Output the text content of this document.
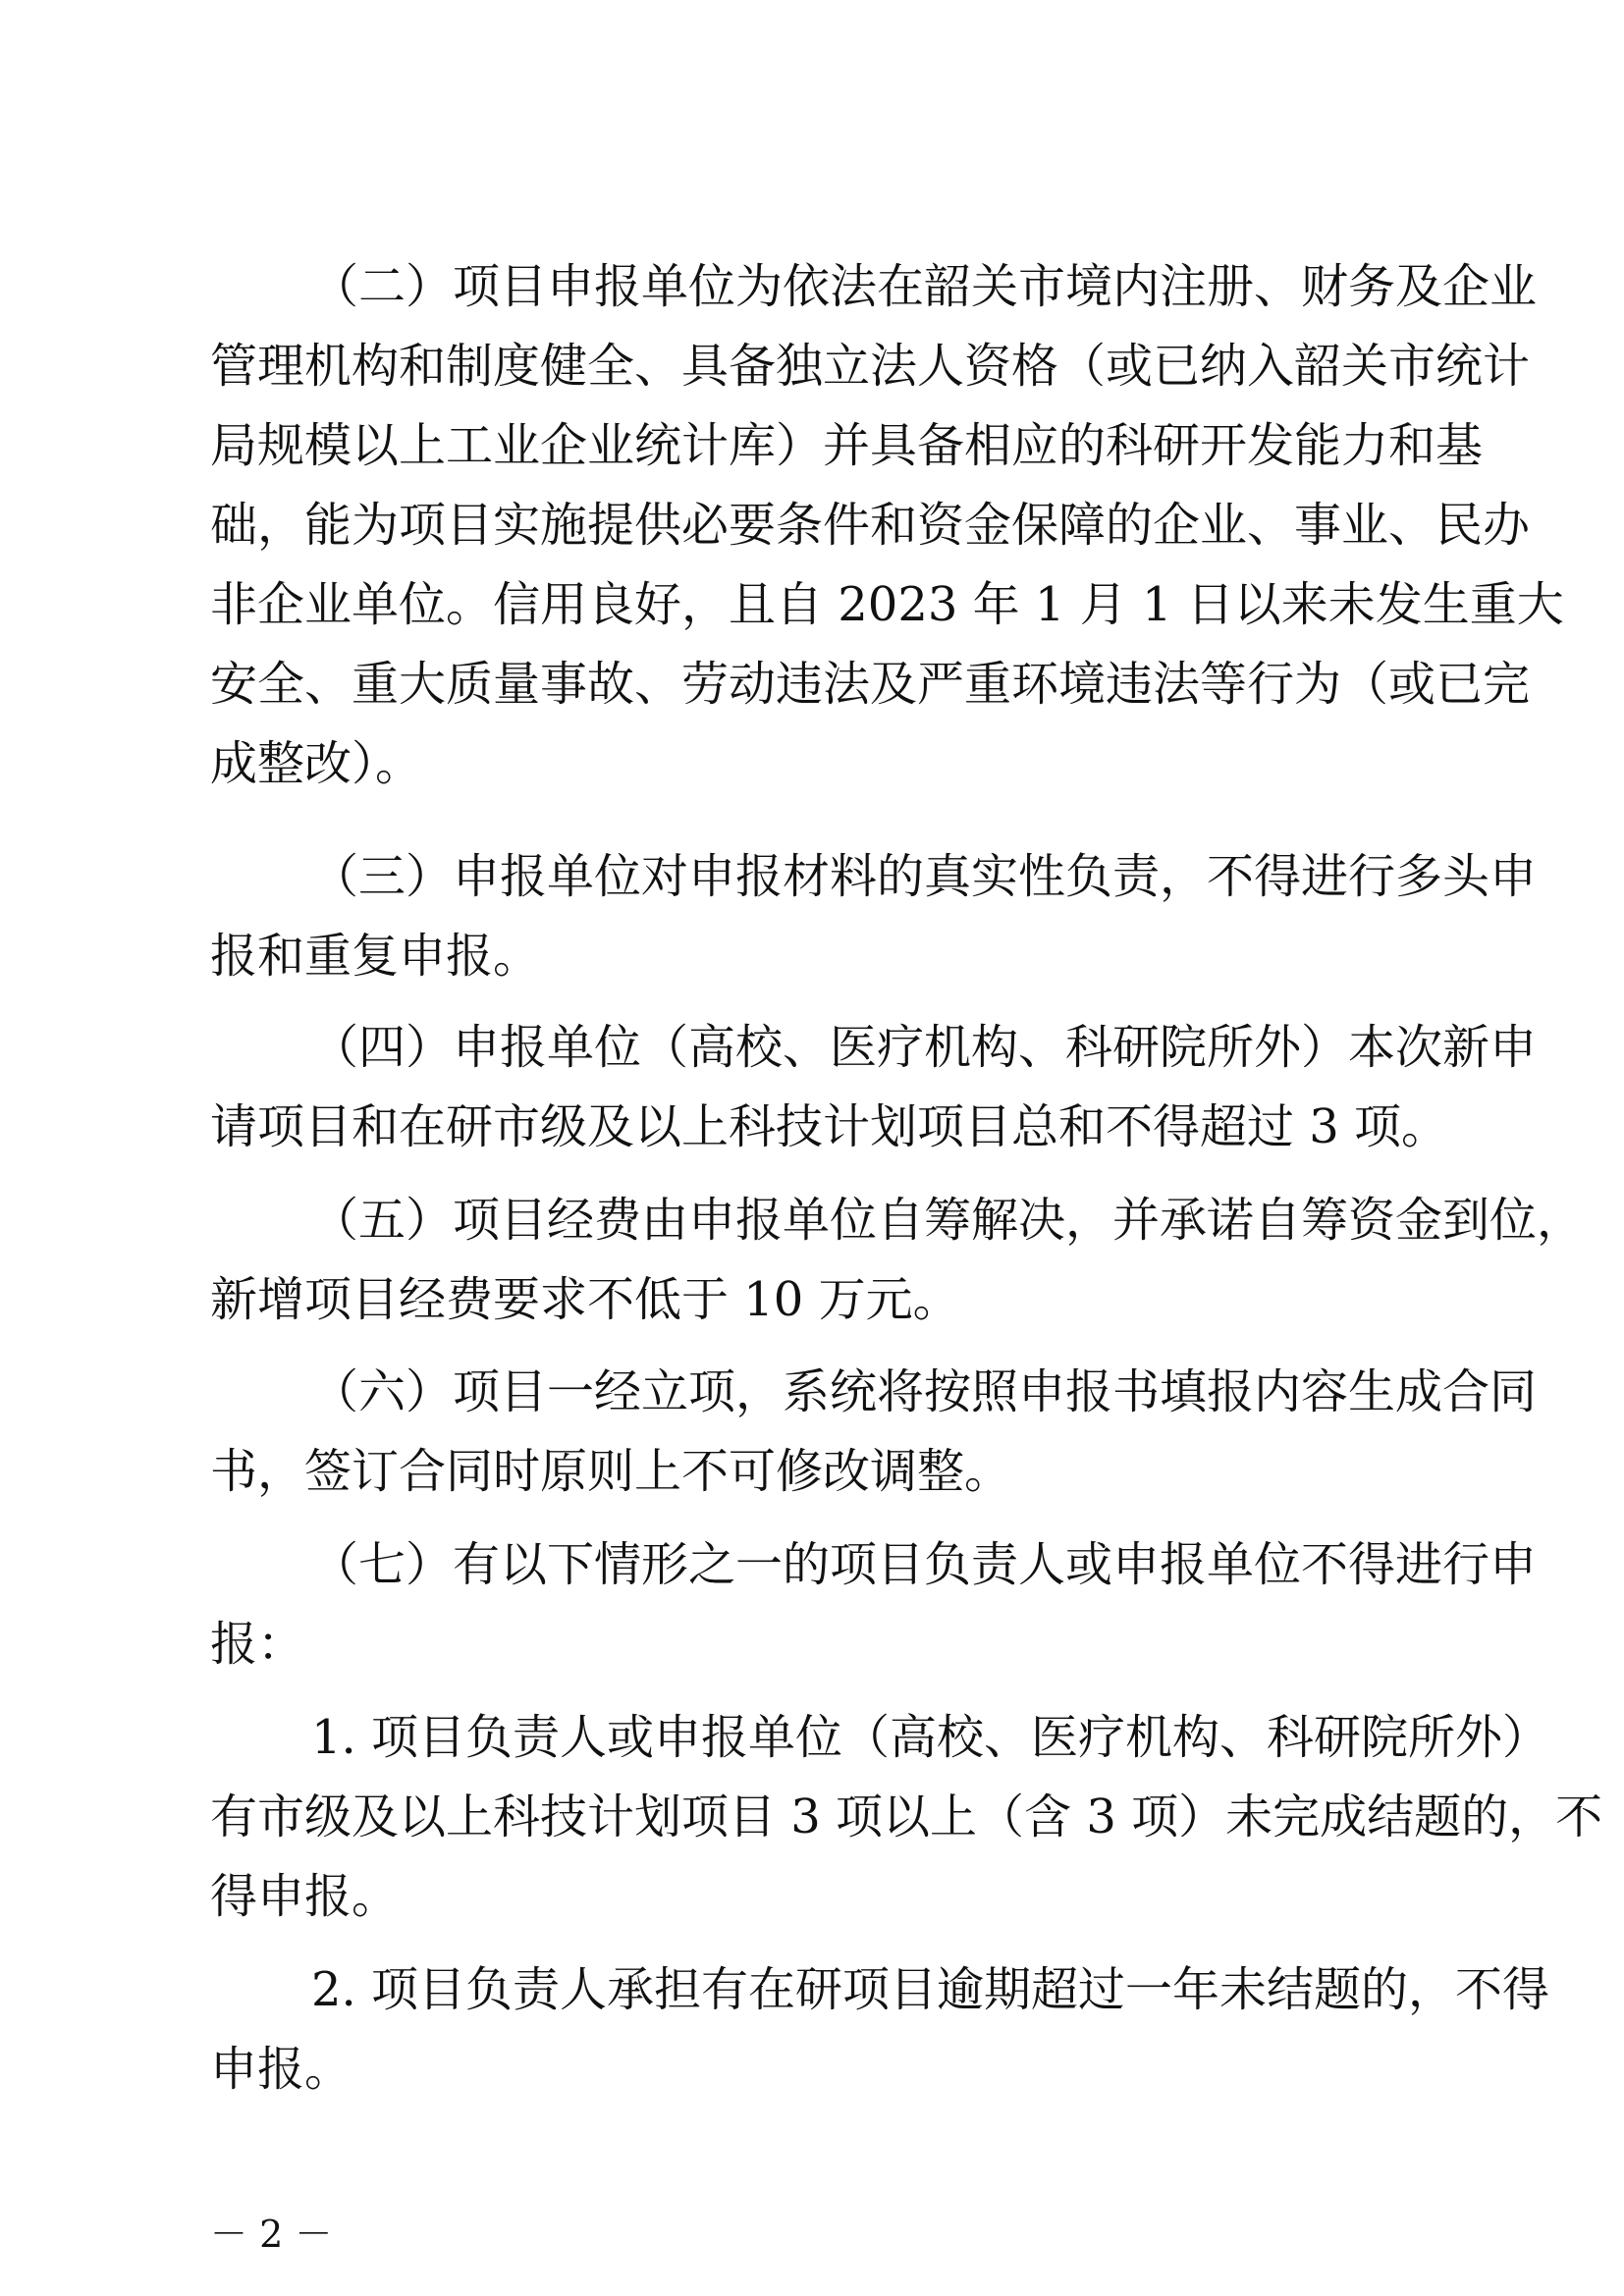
（二）项目申报单位为依法在韶关市境内注册、财务及企业
管理机构和制度健全、具备独立法人资格（或已纳入韶关市统计
局规模以上工业企业统计库）并具备相应的科研开发能力和基
础，能为项目实施提供必要条件和资金保障的企业、事业、民办
非企业单位。信用良好，且自 2023 年 1 月 1 日以来未发生重大
安全、重大质量事故、劳动违法及严重环境违法等行为（或已完
成整改）。
（三）申报单位对申报材料的真实性负责，不得进行多头申
报和重复申报。
（四）申报单位（高校、医疗机构、科研院所外）本次新申
请项目和在研市级及以上科技计划项目总和不得超过 3 项。
（五）项目经费由申报单位自筹解决，并承诺自筹资金到位，
新增项目经费要求不低于 10 万元。
（六）项目一经立项，系统将按照申报书填报内容生成合同
书，签订合同时原则上不可修改调整。
（七）有以下情形之一的项目负责人或申报单位不得进行申
报：
1. 项目负责人或申报单位（高校、医疗机构、科研院所外）
有市级及以上科技计划项目 3 项以上（含 3 项）未完成结题的，不
得申报。
2. 项目负责人承担有在研项目逾期超过一年未结题的，不得
申报。
－ 2 －
